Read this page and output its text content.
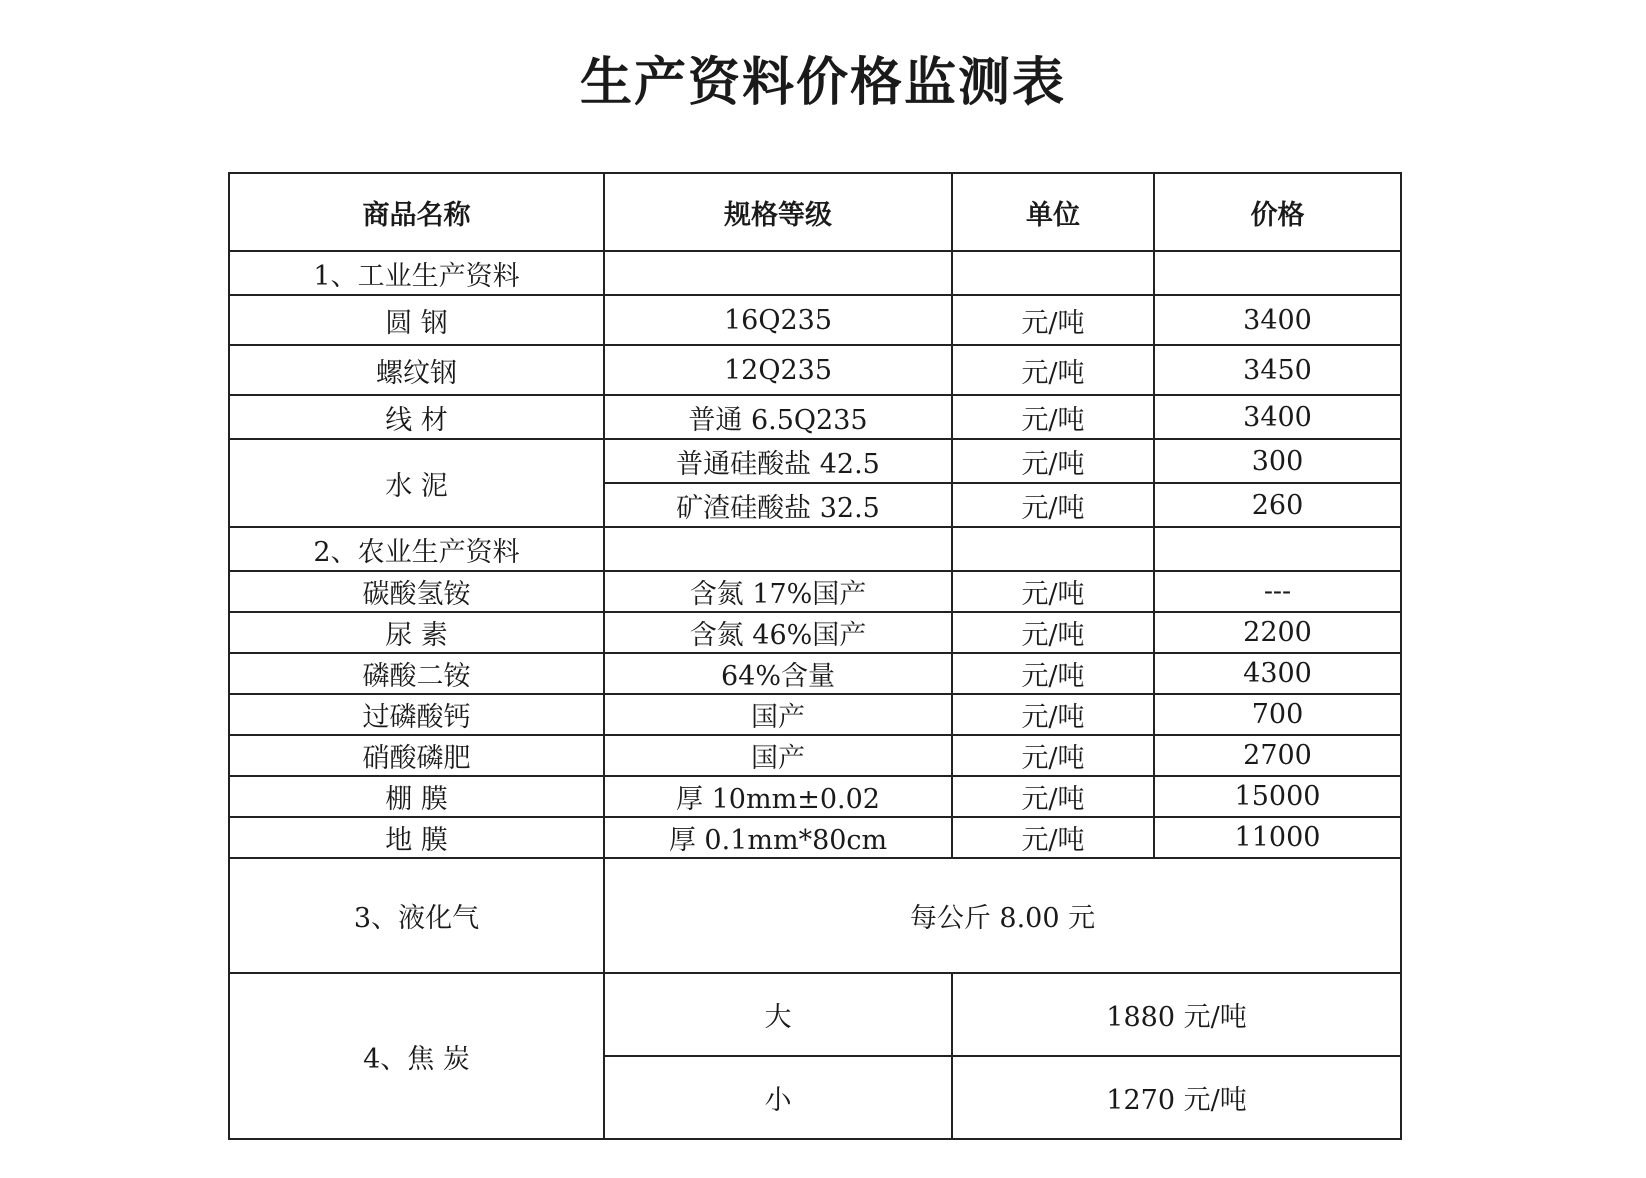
生产资料价格监测表
商品名称	规格等级	单位	价格
1、工业生产资料			
圆 钢	16Q235	元/吨	3400
螺纹钢	12Q235	元/吨	3450
线 材	普通 6.5Q235	元/吨	3400
水 泥	普通硅酸盐 42.5	元/吨	300
	矿渣硅酸盐 32.5	元/吨	260
2、农业生产资料			
碳酸氢铵	含氮 17%国产	元/吨	---
尿 素	含氮 46%国产	元/吨	2200
磷酸二铵	64%含量	元/吨	4300
过磷酸钙	国产	元/吨	700
硝酸磷肥	国产	元/吨	2700
棚 膜	厚 10mm±0.02	元/吨	15000
地 膜	厚 0.1mm*80cm	元/吨	11000
3、液化气	每公斤 8.00 元		
4、焦 炭	大	1880 元/吨	
	小	1270 元/吨	
